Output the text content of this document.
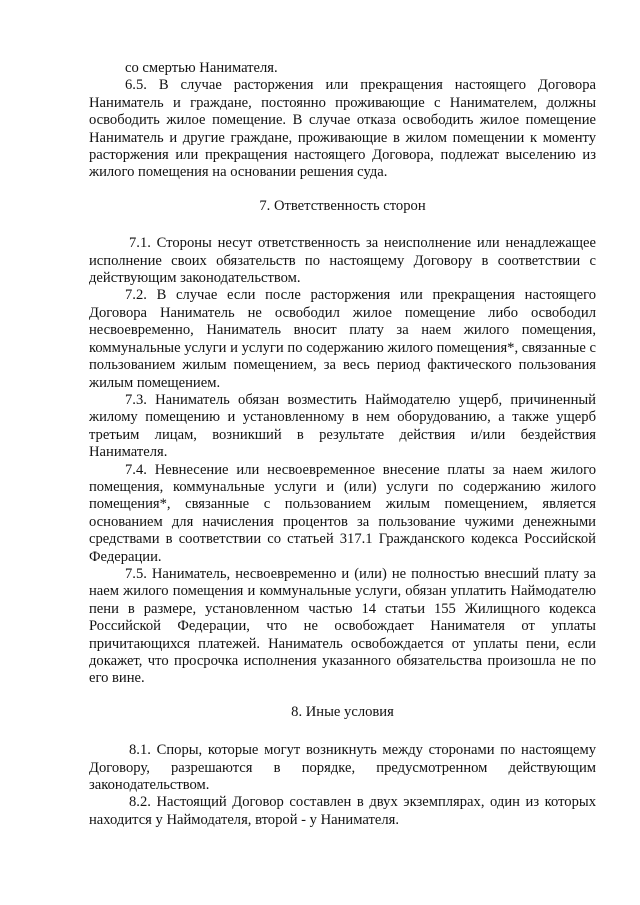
со смертью Нанимателя.

6.5. В случае расторжения или прекращения настоящего Договора Наниматель и граждане, постоянно проживающие с Нанимателем, должны освободить жилое помещение. В случае отказа освободить жилое помещение Наниматель и другие граждане, проживающие в жилом помещении к моменту расторжения или прекращения настоящего Договора, подлежат выселению из жилого помещения на основании решения суда.

7. Ответственность сторон

7.1. Стороны несут ответственность за неисполнение или ненадлежащее исполнение своих обязательств по настоящему Договору в соответствии с действующим законодательством.

7.2. В случае если после расторжения или прекращения настоящего Договора Наниматель не освободил жилое помещение либо освободил несвоевременно, Наниматель вносит плату за наем жилого помещения, коммунальные услуги и услуги по содержанию жилого помещения*, связанные с пользованием жилым помещением, за весь период фактического пользования жилым помещением.

7.3. Наниматель обязан возместить Наймодателю ущерб, причиненный жилому помещению и установленному в нем оборудованию, а также ущерб третьим лицам, возникший в результате действия и/или бездействия Нанимателя.

7.4. Невнесение или несвоевременное внесение платы за наем жилого помещения, коммунальные услуги и (или) услуги по содержанию жилого помещения*, связанные с пользованием жилым помещением, является основанием для начисления процентов за пользование чужими денежными средствами в соответствии со статьей 317.1 Гражданского кодекса Российской Федерации.

7.5. Наниматель, несвоевременно и (или) не полностью внесший плату за наем жилого помещения и коммунальные услуги, обязан уплатить Наймодателю пени в размере, установленном частью 14 статьи 155 Жилищного кодекса Российской Федерации, что не освобождает Нанимателя от уплаты причитающихся платежей. Наниматель освобождается от уплаты пени, если докажет, что просрочка исполнения указанного обязательства произошла не по его вине.

8. Иные условия

8.1. Споры, которые могут возникнуть между сторонами по настоящему Договору, разрешаются в порядке, предусмотренном действующим законодательством.

8.2. Настоящий Договор составлен в двух экземплярах, один из которых находится у Наймодателя, второй - у Нанимателя.
